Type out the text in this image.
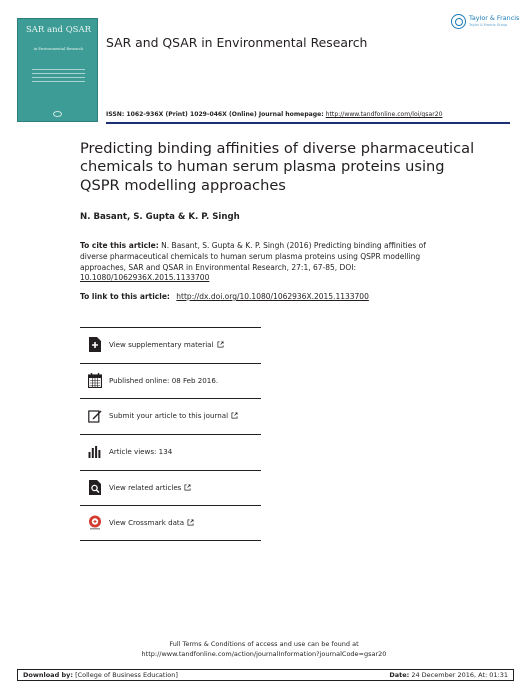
SAR and QSAR
in Environmental Research	SAR and QSAR in Environmental Research
Taylor & Francis
Taylor & Francis Group
ISSN: 1062-936X (Print) 1029-046X (Online) Journal homepage: http://www.tandfonline.com/loi/gsar20
Predicting binding affinities of diverse pharmaceutical chemicals to human serum plasma proteins using QSPR modelling approaches
N. Basant, S. Gupta & K. P. Singh
To cite this article: N. Basant, S. Gupta & K. P. Singh (2016) Predicting binding affinities of diverse pharmaceutical chemicals to human serum plasma proteins using QSPR modelling approaches, SAR and QSAR in Environmental Research, 27:1, 67-85, DOI: 10.1080/1062936X.2015.1133700
To link to this article: http://dx.doi.org/10.1080/1062936X.2015.1133700
View supplementary material
Published online: 08 Feb 2016.
Submit your article to this journal
Article views: 134
View related articles
View Crossmark data
Full Terms & Conditions of access and use can be found at
http://www.tandfonline.com/action/journalInformation?journalCode=gsar20
Download by: [College of Business Education]	Date: 24 December 2016, At: 01:31
